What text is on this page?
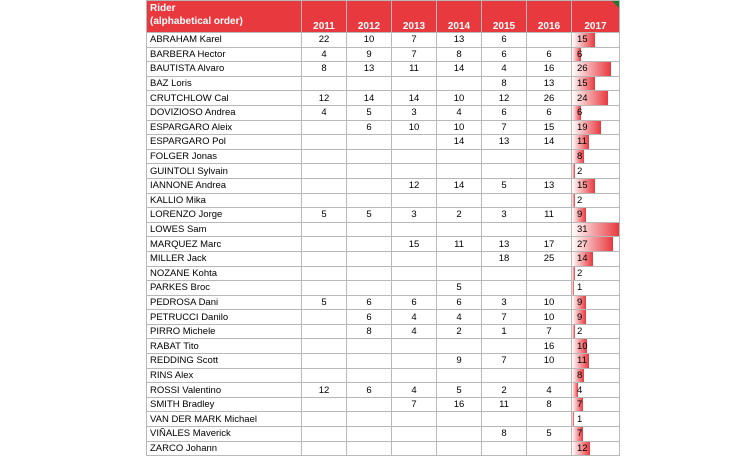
Rider
(alphabetical order)	2011	2012	2013	2014	2015	2016	2017

ABRAHAM Karel	22	10	7	13	6		15
BARBERA Hector	4	9	7	8	6	6	6
BAUTISTA Alvaro	8	13	11	14	4	16	26
BAZ Loris					8	13	15
CRUTCHLOW Cal	12	14	14	10	12	26	24
DOVIZIOSO Andrea	4	5	3	4	6	6	6
ESPARGARO Aleix		6	10	10	7	15	19
ESPARGARO Pol				14	13	14	11
FOLGER Jonas							8
GUINTOLI Sylvain							2
IANNONE Andrea			12	14	5	13	15
KALLIO Mika							2
LORENZO Jorge	5	5	3	2	3	11	9
LOWES Sam							31
MARQUEZ Marc			15	11	13	17	27
MILLER Jack					18	25	14
NOZANE Kohta							2
PARKES Broc				5			1
PEDROSA Dani	5	6	6	6	3	10	9
PETRUCCI Danilo		6	4	4	7	10	9
PIRRO Michele		8	4	2	1	7	2
RABAT Tito						16	10
REDDING Scott				9	7	10	11
RINS Alex							8
ROSSI Valentino	12	6	4	5	2	4	4
SMITH Bradley			7	16	11	8	7
VAN DER MARK Michael							1
VIÑALES Maverick					8	5	7
ZARCO Johann							12
